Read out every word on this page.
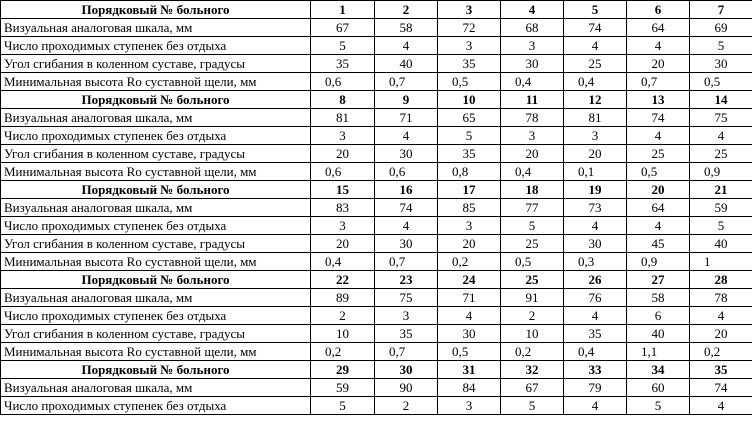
Порядковый № больного	1	2	3	4	5	6	7
Визуальная аналоговая шкала, мм	67	58	72	68	74	64	69
Число проходимых ступенек без отдыха	5	4	3	3	4	4	5
Угол сгибания в коленном суставе, градусы	35	40	35	30	25	20	30
Минимальная высота Ro суставной щели, мм	0,6	0,7	0,5	0,4	0,4	0,7	0,5
Порядковый № больного	8	9	10	11	12	13	14
Визуальная аналоговая шкала, мм	81	71	65	78	81	74	75
Число проходимых ступенек без отдыха	3	4	5	3	3	4	4
Угол сгибания в коленном суставе, градусы	20	30	35	20	20	25	25
Минимальная высота Ro суставной щели, мм	0,6	0,6	0,8	0,4	0,1	0,5	0,9
Порядковый № больного	15	16	17	18	19	20	21
Визуальная аналоговая шкала, мм	83	74	85	77	73	64	59
Число проходимых ступенек без отдыха	3	4	3	5	4	4	5
Угол сгибания в коленном суставе, градусы	20	30	20	25	30	45	40
Минимальная высота Ro суставной щели, мм	0,4	0,7	0,2	0,5	0,3	0,9	1
Порядковый № больного	22	23	24	25	26	27	28
Визуальная аналоговая шкала, мм	89	75	71	91	76	58	78
Число проходимых ступенек без отдыха	2	3	4	2	4	6	4
Угол сгибания в коленном суставе, градусы	10	35	30	10	35	40	20
Минимальная высота Ro суставной щели, мм	0,2	0,7	0,5	0,2	0,4	1,1	0,2
Порядковый № больного	29	30	31	32	33	34	35
Визуальная аналоговая шкала, мм	59	90	84	67	79	60	74
Число проходимых ступенек без отдыха	5	2	3	5	4	5	4
